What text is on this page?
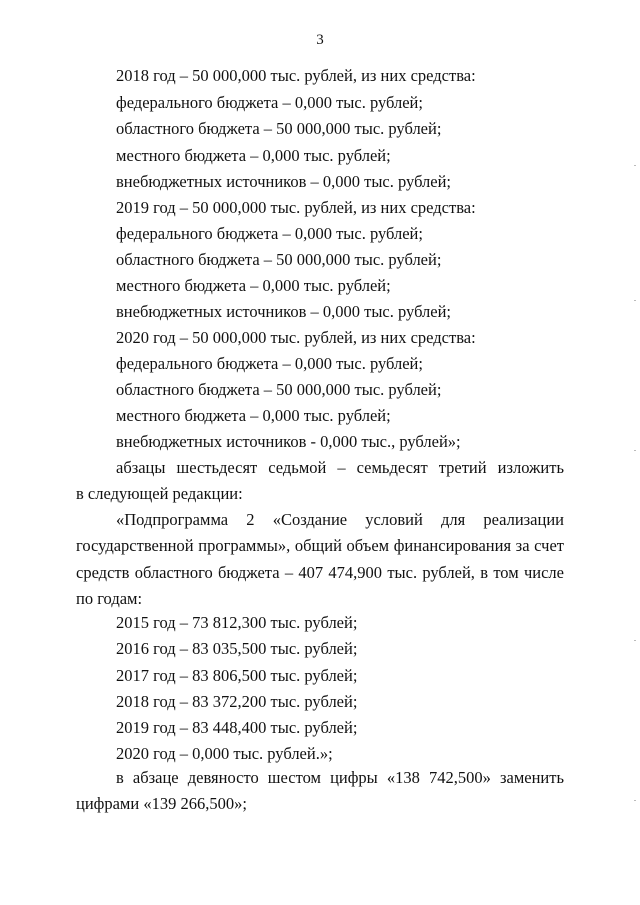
3
2018 год – 50 000,000 тыс. рублей, из них средства:
федерального бюджета – 0,000 тыс. рублей;
областного бюджета – 50 000,000 тыс. рублей;
местного бюджета – 0,000 тыс. рублей;
внебюджетных источников – 0,000 тыс. рублей;
2019 год – 50 000,000 тыс. рублей, из них средства:
федерального бюджета – 0,000 тыс. рублей;
областного бюджета – 50 000,000 тыс. рублей;
местного бюджета – 0,000 тыс. рублей;
внебюджетных источников – 0,000 тыс. рублей;
2020 год – 50 000,000 тыс. рублей, из них средства:
федерального бюджета – 0,000 тыс. рублей;
областного бюджета – 50 000,000 тыс. рублей;
местного бюджета – 0,000 тыс. рублей;
внебюджетных источников - 0,000 тыс., рублей»;
абзацы шестьдесят седьмой – семьдесят третий изложить
в следующей редакции:
«Подпрограмма 2 «Создание условий для реализации государственной программы», общий объем финансирования за счет средств областного бюджета – 407 474,900 тыс. рублей, в том числе по годам:
2015 год – 73 812,300 тыс. рублей;
2016 год – 83 035,500 тыс. рублей;
2017 год – 83 806,500 тыс. рублей;
2018 год – 83 372,200 тыс. рублей;
2019 год – 83 448,400 тыс. рублей;
2020 год – 0,000 тыс. рублей.»;
в абзаце девяносто шестом цифры «138 742,500» заменить цифрами «139 266,500»;
